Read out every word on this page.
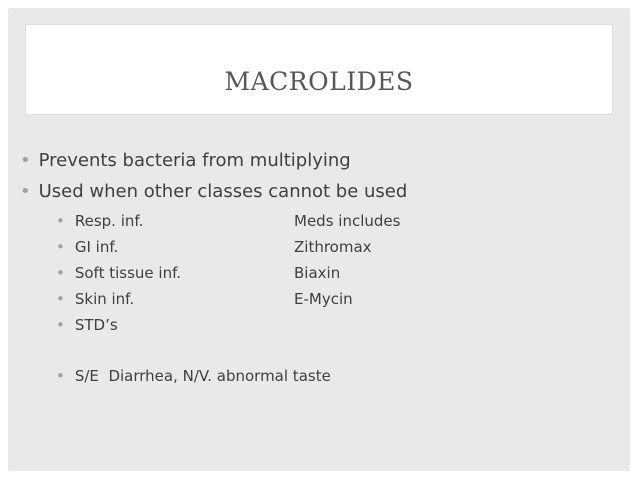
MACROLIDES
• Prevents bacteria from multiplying
• Used when other classes cannot be used
• Resp. inf.
• GI inf.
• Soft tissue inf.
• Skin inf.
• STD’s
Meds includes
Zithromax
Biaxin
E-Mycin
• S/E  Diarrhea, N/V. abnormal taste
